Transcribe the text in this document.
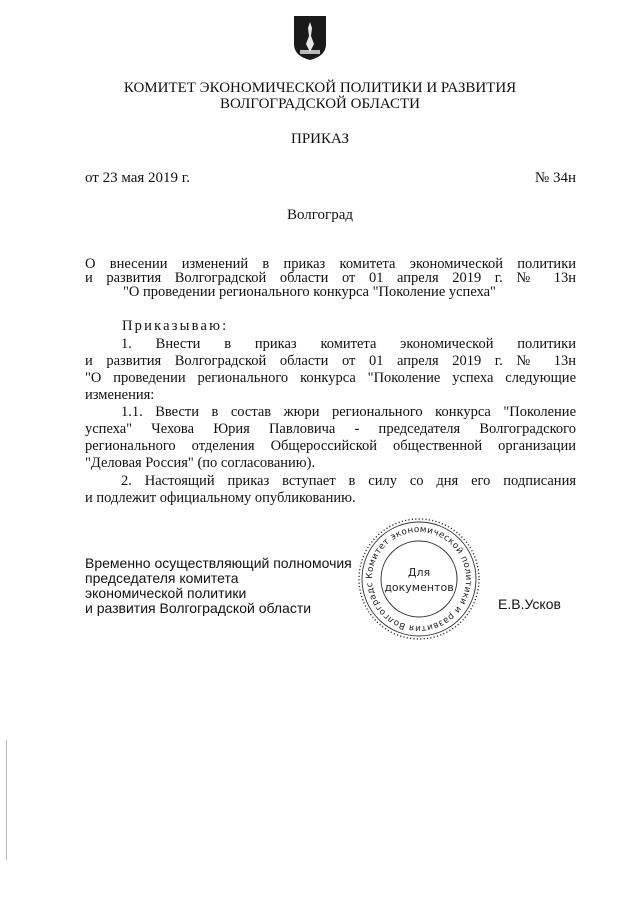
КОМИТЕТ ЭКОНОМИЧЕСКОЙ ПОЛИТИКИ И РАЗВИТИЯ
ВОЛГОГРАДСКОЙ ОБЛАСТИ
ПРИКАЗ
от 23 мая 2019 г.	№ 34н
Волгоград
О внесении изменений в приказ комитета экономической политики
и развития Волгоградской области от 01 апреля 2019 г. № 13н
"О проведении регионального конкурса "Поколение успеха"
Приказываю:
1. Внести в приказ комитета экономической политики
и развития Волгоградской области от 01 апреля 2019 г. № 13н
"О проведении регионального конкурса "Поколение успеха следующие
изменения:
1.1. Ввести в состав жюри регионального конкурса "Поколение
успеха" Чехова Юрия Павловича - председателя Волгоградского
регионального отделения Общероссийской общественной организации
"Деловая Россия" (по согласованию).
2. Настоящий приказ вступает в силу со дня его подписания
и подлежит официальному опубликованию.
Временно осуществляющий полномочия
председателя комитета
экономической политики
и развития Волгоградской области	Е.В.Усков
Комитет экономической политики и развития Волгоградс
Для
документов
